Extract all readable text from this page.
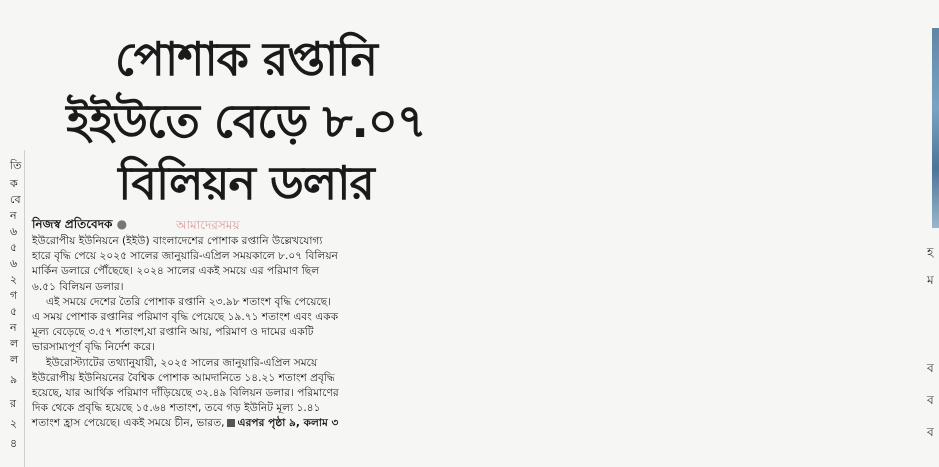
তি
ক
বে
ন
৬
৫
৬
২
গ
৫
ন
ল
ল
৯
র
২
৪
হ
ম
ব
ব
ব
পোশাক রপ্তানি
ইইউতে বেড়ে ৮.০৭
বিলিয়ন ডলার
নিজস্ব প্রতিবেদক ●	আমাদেরসময়

ইউরোপীয় ইউনিয়নে (ইইউ) বাংলাদেশের পোশাক রপ্তানি উল্লেখযোগ্য

হারে বৃদ্ধি পেয়ে ২০২৫ সালের জানুয়ারি-এপ্রিল সময়কালে ৮.০৭ বিলিয়ন

মার্কিন ডলারে পৌঁছেছে। ২০২৪ সালের একই সময়ে এর পরিমাণ ছিল

৬.৫১ বিলিয়ন ডলার।

এই সময়ে দেশের তৈরি পোশাক রপ্তানি ২৩.৯৮ শতাংশ বৃদ্ধি পেয়েছে।

এ সময় পোশাক রপ্তানির পরিমাণ বৃদ্ধি পেয়েছে ১৯.৭১ শতাংশ এবং একক

মূল্য বেড়েছে ৩.৫৭ শতাংশ,যা রপ্তানি আয়, পরিমাণ ও দামের একটি

ভারসাম্যপূর্ণ বৃদ্ধি নির্দেশ করে।

ইউরোস্ট্যাটের তথ্যানুযায়ী, ২০২৫ সালের জানুয়ারি-এপ্রিল সময়ে

ইউরোপীয় ইউনিয়নের বৈশ্বিক পোশাক আমদানিতে ১৪.২১ শতাংশ প্রবৃদ্ধি

হয়েছে, যার আর্থিক পরিমাণ দাঁড়িয়েছে ৩২.৪৯ বিলিয়ন ডলার। পরিমাণের

দিক থেকে প্রবৃদ্ধি হয়েছে ১৫.৬৪ শতাংশ, তবে গড় ইউনিট মূল্য ১.৪১

শতাংশ হ্রাস পেয়েছে। একই সময়ে চীন, ভারত, এরপর পৃষ্ঠা ৯, কলাম ৩
